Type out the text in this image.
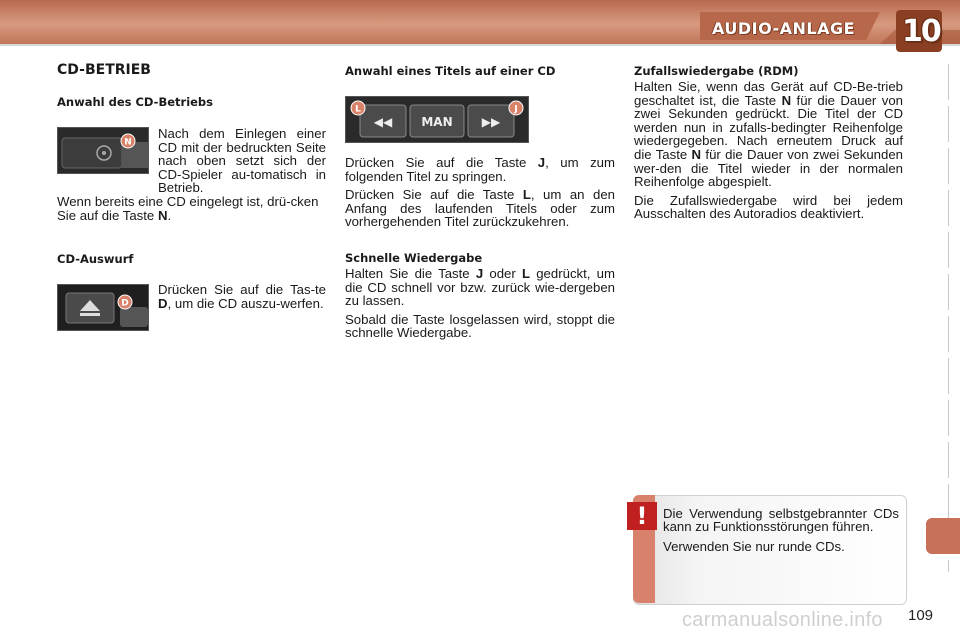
AUDIO-ANLAGE 10
CD-BETRIEB
Anwahl des CD-Betriebs
N

Nach dem Einlegen einer CD mit der bedruckten Seite nach oben setzt sich der CD-Spieler au-tomatisch in Betrieb.

Wenn bereits eine CD eingelegt ist, drü-cken Sie auf die Taste N.

CD-Auswurf
D

Drücken Sie auf die Tas-te D, um die CD auszu-werfen.

Anwahl eines Titels auf einer CD
◀◀ MAN ▶▶
L	J

Drücken Sie auf die Taste J, um zum folgenden Titel zu springen.

Drücken Sie auf die Taste L, um an den Anfang des laufenden Titels oder zum vorhergehenden Titel zurückzukehren.

Schnelle Wiedergabe

Halten Sie die Taste J oder L gedrückt, um die CD schnell vor bzw. zurück wie-dergeben zu lassen.

Sobald die Taste losgelassen wird, stoppt die schnelle Wiedergabe.

Zufallswiedergabe (RDM)

Halten Sie, wenn das Gerät auf CD-Be-trieb geschaltet ist, die Taste N für die Dauer von zwei Sekunden gedrückt. Die Titel der CD werden nun in zufalls-bedingter Reihenfolge wiedergegeben. Nach erneutem Druck auf die Taste N für die Dauer von zwei Sekunden wer-den die Titel wieder in der normalen Reihenfolge abgespielt.

Die Zufallswiedergabe wird bei jedem Ausschalten des Autoradios deaktiviert.

!	Die Verwendung selbstgebrannter CDs kann zu Funktionsstörungen führen.

Verwenden Sie nur runde CDs.

carmanualsonline.info 109
